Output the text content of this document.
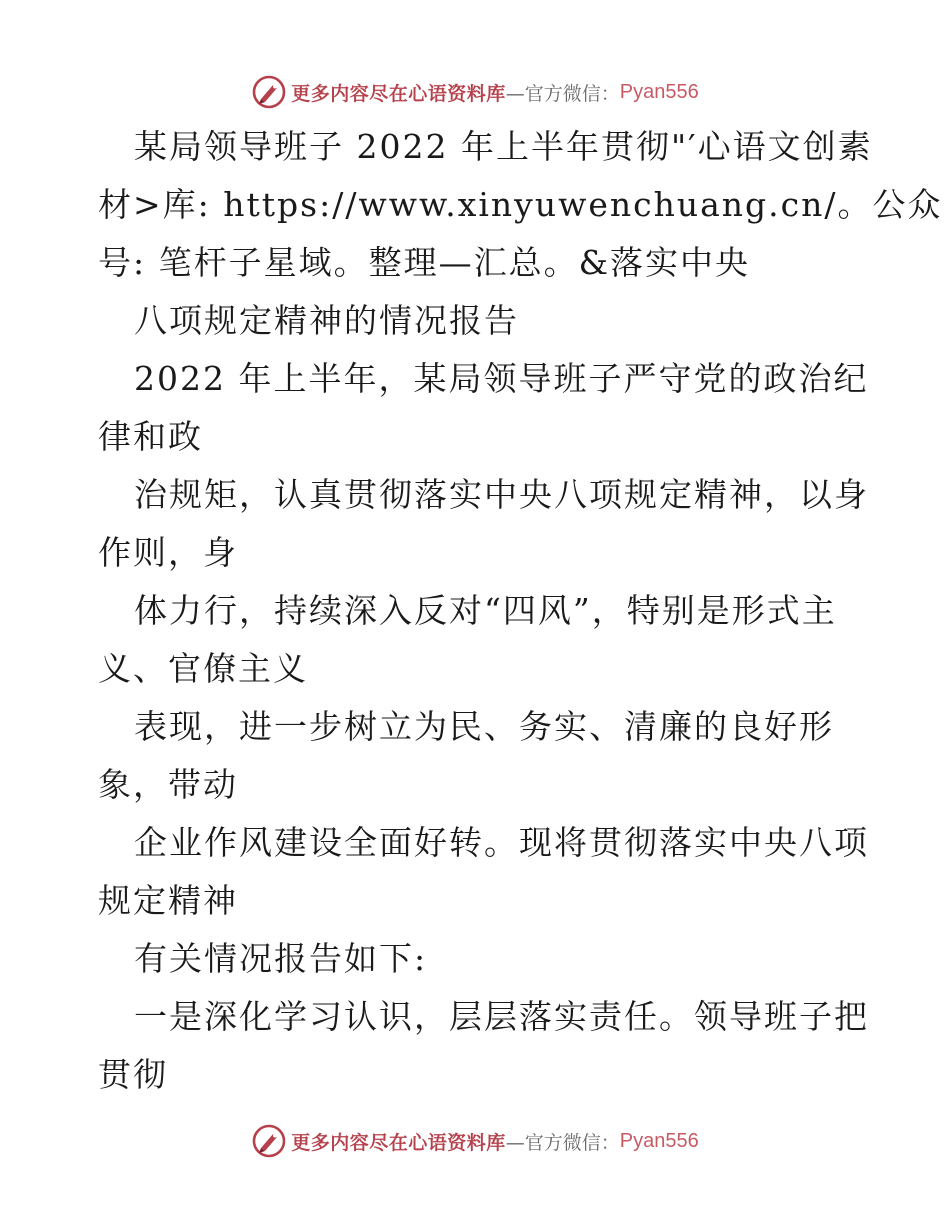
更多内容尽在心语资料库 —官方微信： Pyan556
某局领导班子 2022 年上半年贯彻"′心语文创素
材>库: https://www.xinyuwenchuang.cn/。公众
号: 笔杆子星域。整理—汇总。&落实中央
八项规定精神的情况报告
2022 年上半年，某局领导班子严守党的政治纪
律和政
治规矩，认真贯彻落实中央八项规定精神，以身
作则，身
体力行，持续深入反对“四风”，特别是形式主
义、官僚主义
表现，进一步树立为民、务实、清廉的良好形
象，带动
企业作风建设全面好转。现将贯彻落实中央八项
规定精神
有关情况报告如下:
一是深化学习认识，层层落实责任。领导班子把
贯彻
更多内容尽在心语资料库 —官方微信： Pyan556
